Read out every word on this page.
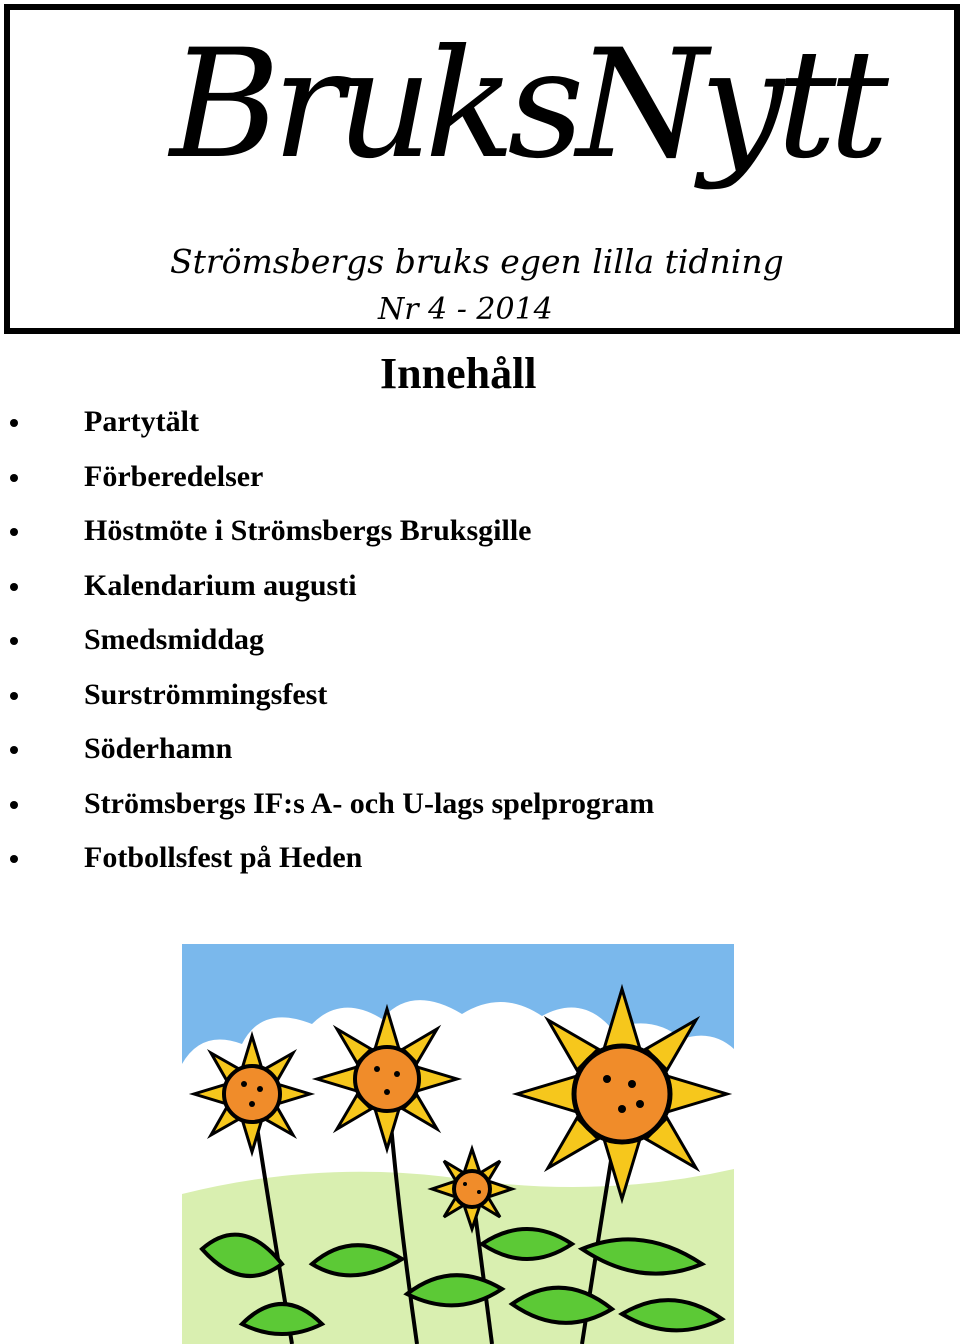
BruksNytt

Strömsbergs bruks egen lilla tidning

Nr 4 - 2014

Innehåll
Partytält
Förberedelser
Höstmöte i Strömsbergs Bruksgille
Kalendarium augusti
Smedsmiddag
Surströmmingsfest
Söderhamn
Strömsbergs IF:s A- och U-lags spelprogram
Fotbollsfest på Heden
